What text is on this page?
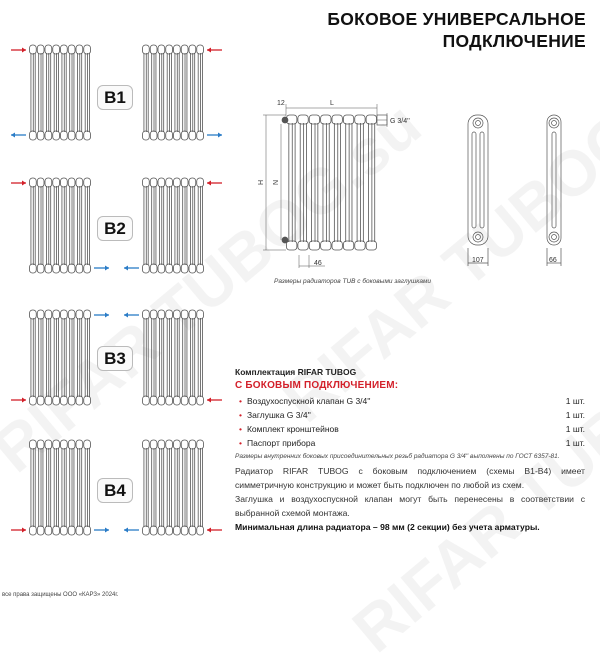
БОКОВОЕ УНИВЕРСАЛЬНОЕ
ПОДКЛЮЧЕНИЕ
B1
B2
B3
B4
12	L
H N
46
G 3/4''
107	66
Размеры радиаторов TUB с боковыми заглушками
Комплектация RIFAR TUBOG
С БОКОВЫМ ПОДКЛЮЧЕНИЕМ:
• Воздухоспускной клапан G 3/4''	1 шт.
• Заглушка G 3/4''	1 шт.
• Комплект кронштейнов	1 шт.
• Паспорт прибора	1 шт.
Размеры внутренних боковых присоединительных резьб радиатора G 3/4'' выполнены по ГОСТ 6357-81.

Радиатор RIFAR TUBOG с боковым подключением (схемы B1-B4) имеет симметричную конструкцию и может быть подключен по любой из схем.

Заглушка и воздухоспускной клапан могут быть перенесены в соответствии с выбранной схемой монтажа.

Минимальная длина радиатора – 98 мм (2 секции) без учета арматуры.

все права защищены ООО «КАРЗ» 2024г.
